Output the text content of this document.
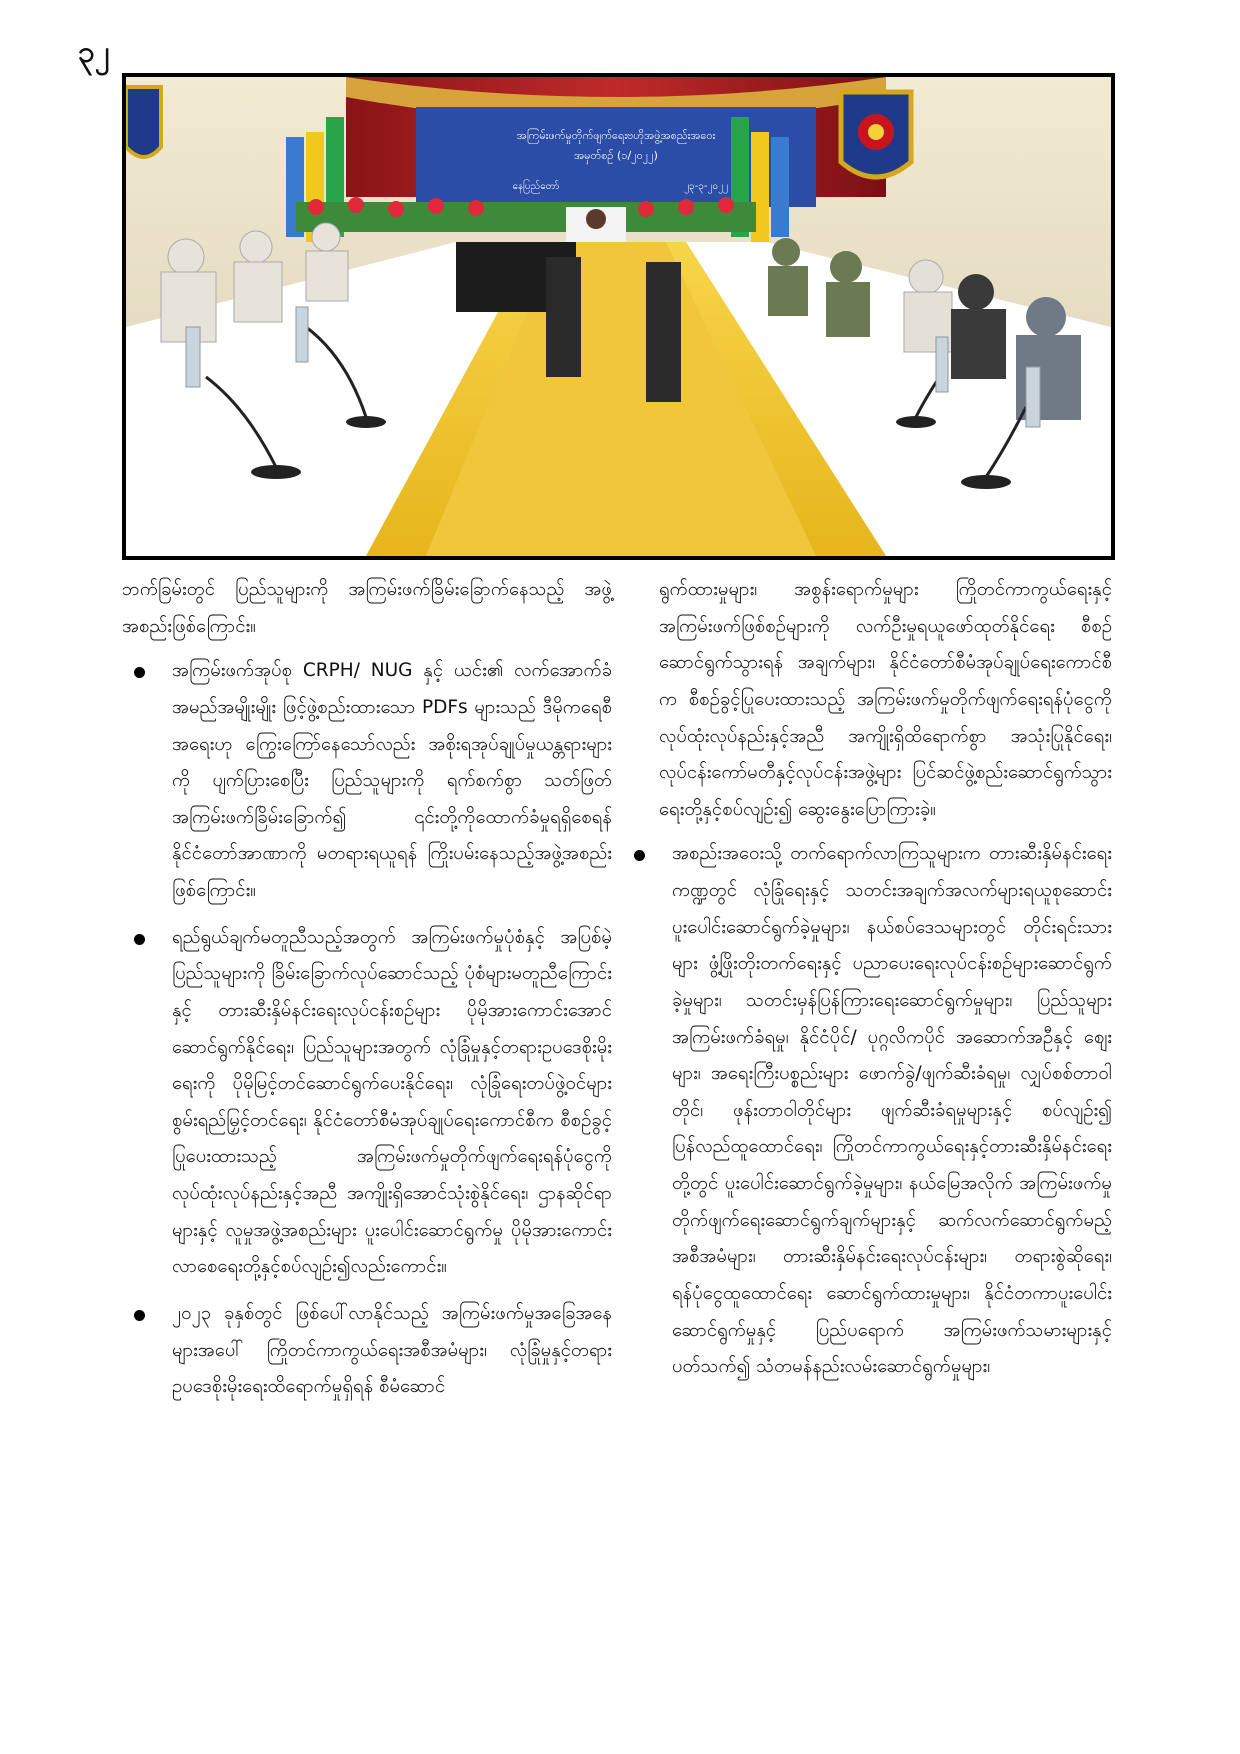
၃၂
အကြမ်းဖက်မှုတိုက်ဖျက်ရေးဗဟိုအဖွဲ့အစည်းအဝေး
အမှတ်စဉ် (၁/၂၀၂၂)
နေပြည်တော်	၂၃-၃-၂၀၂၂

ဘက်ခြမ်းတွင် ပြည်သူများကို အကြမ်းဖက်ခြိမ်းခြောက်နေသည့် အဖွဲ့ အစည်းဖြစ်ကြောင်း။

အကြမ်းဖက်အုပ်စု CRPH/ NUG နှင့် ယင်း၏ လက်အောက်ခံအမည်အမျိုးမျိုး ဖြင့်ဖွဲ့စည်းထားသော PDFs များသည် ဒီမိုကရေစီအရေးဟု ကြွေးကြော်နေသော်လည်း အစိုးရအုပ်ချုပ်မှုယန္တရားများကို ပျက်ပြားစေပြီး ပြည်သူများကို ရက်စက်စွာ သတ်ဖြတ်အကြမ်းဖက်ခြိမ်းခြောက်၍ ၎င်းတို့ကိုထောက်ခံမှုရရှိစေရန် နိုင်ငံတော်အာဏာကို မတရားရယူရန် ကြိုးပမ်းနေသည့်အဖွဲ့အစည်းဖြစ်ကြောင်း။
ရည်ရွယ်ချက်မတူညီသည့်အတွက် အကြမ်းဖက်မှုပုံစံနှင့် အပြစ်မဲ့ပြည်သူများကို ခြိမ်းခြောက်လုပ်ဆောင်သည့် ပုံစံများမတူညီကြောင်းနှင့် တားဆီးနှိမ်နင်းရေးလုပ်ငန်းစဉ်များ ပိုမိုအားကောင်းအောင်ဆောင်ရွက်နိုင်ရေး၊ ပြည်သူများအတွက် လုံခြုံမှုနှင့်တရားဥပဒေစိုးမိုးရေးကို ပိုမိုမြင့်တင်ဆောင်ရွက်ပေးနိုင်ရေး၊ လုံခြုံရေးတပ်ဖွဲ့ဝင်များ စွမ်းရည်မြှင့်တင်ရေး၊ နိုင်ငံတော်စီမံအုပ်ချုပ်ရေးကောင်စီက စီစဉ်ခွင့်ပြုပေးထားသည့် အကြမ်းဖက်မှုတိုက်ဖျက်ရေးရန်ပုံငွေကို လုပ်ထုံးလုပ်နည်းနှင့်အညီ အကျိုးရှိအောင်သုံးစွဲနိုင်ရေး၊ ဌာနဆိုင်ရာများနှင့် လူမှုအဖွဲ့အစည်းများ ပူးပေါင်းဆောင်ရွက်မှု ပိုမိုအားကောင်းလာစေရေးတို့နှင့်စပ်လျဉ်း၍လည်းကောင်း။
၂၀၂၃ ခုနှစ်တွင် ဖြစ်ပေါ်လာနိုင်သည့် အကြမ်းဖက်မှုအခြေအနေများအပေါ် ကြိုတင်ကာကွယ်ရေးအစီအမံများ၊ လုံခြုံမှုနှင့်တရားဥပဒေစိုးမိုးရေးထိရောက်မှုရှိရန် စီမံဆောင်

ရွက်ထားမှုများ၊ အစွန်းရောက်မှုများ ကြိုတင်ကာကွယ်ရေးနှင့် အကြမ်းဖက်ဖြစ်စဉ်များကို လက်ဦးမှုရယူဖော်ထုတ်နိုင်ရေး စီစဉ်ဆောင်ရွက်သွားရန် အချက်များ၊ နိုင်ငံတော်စီမံအုပ်ချုပ်ရေးကောင်စီက စီစဉ်ခွင့်ပြုပေးထားသည့် အကြမ်းဖက်မှုတိုက်ဖျက်ရေးရန်ပုံငွေကို လုပ်ထုံးလုပ်နည်းနှင့်အညီ အကျိုးရှိထိရောက်စွာ အသုံးပြုနိုင်ရေး၊ လုပ်ငန်းကော်မတီနှင့်လုပ်ငန်းအဖွဲ့များ ပြင်ဆင်ဖွဲ့စည်းဆောင်ရွက်သွားရေးတို့နှင့်စပ်လျဉ်း၍ ဆွေးနွေးပြောကြားခဲ့။

အစည်းအဝေးသို့ တက်ရောက်လာကြသူများက တားဆီးနှိမ်နင်းရေးကဏ္ဍတွင် လုံခြုံရေးနှင့် သတင်းအချက်အလက်များရယူစုဆောင်းပူးပေါင်းဆောင်ရွက်ခဲ့မှုများ၊ နယ်စပ်ဒေသများတွင် တိုင်းရင်းသားများ ဖွံ့ဖြိုးတိုးတက်ရေးနှင့် ပညာပေးရေးလုပ်ငန်းစဉ်များဆောင်ရွက်ခဲ့မှုများ၊ သတင်းမှန်ပြန်ကြားရေးဆောင်ရွက်မှုများ၊ ပြည်သူများအကြမ်းဖက်ခံရမှု၊ နိုင်ငံပိုင်/ ပုဂ္ဂလိကပိုင် အဆောက်အဦနှင့် စျေးများ၊ အရေးကြီးပစ္စည်းများ ဖောက်ခွဲ/ဖျက်ဆီးခံရမှု၊ လျှပ်စစ်တာဝါတိုင်၊ ဖုန်းတာဝါတိုင်များ ဖျက်ဆီးခံရမှုများနှင့် စပ်လျဉ်း၍ ပြန်လည်ထူထောင်ရေး၊ ကြိုတင်ကာကွယ်ရေးနှင့်တားဆီးနှိမ်နင်းရေးတို့တွင် ပူးပေါင်းဆောင်ရွက်ခဲ့မှုများ၊ နယ်မြေအလိုက် အကြမ်းဖက်မှုတိုက်ဖျက်ရေးဆောင်ရွက်ချက်များနှင့် ဆက်လက်ဆောင်ရွက်မည့်အစီအမံများ၊ တားဆီးနှိမ်နင်းရေးလုပ်ငန်းများ၊ တရားစွဲဆိုရေး၊ ရန်ပုံငွေထူထောင်ရေး ဆောင်ရွက်ထားမှုများ၊ နိုင်ငံတကာပူးပေါင်းဆောင်ရွက်မှုနှင့် ပြည်ပရောက် အကြမ်းဖက်သမားများနှင့်ပတ်သက်၍ သံတမန်နည်းလမ်းဆောင်ရွက်မှုများ၊
